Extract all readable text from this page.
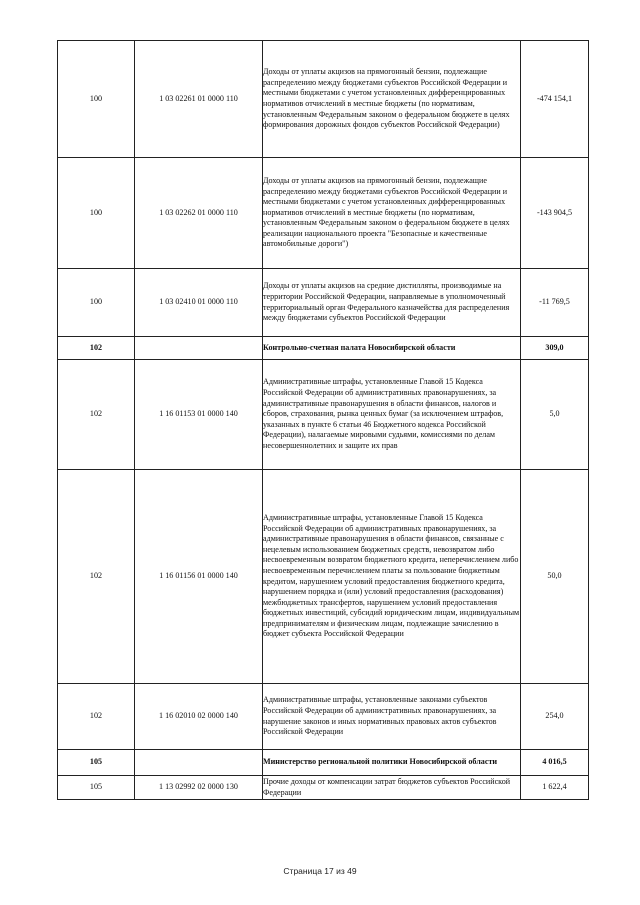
100	1 03 02261 01 0000 110	Доходы от уплаты акцизов на прямогонный бензин, подлежащие распределению между бюджетами субъектов Российской Федерации и местными бюджетами с учетом установленных дифференцированных нормативов отчислений в местные бюджеты (по нормативам, установленным Федеральным законом о федеральном бюджете в целях формирования дорожных фондов субъектов Российской Федерации)	-474 154,1
100	1 03 02262 01 0000 110	Доходы от уплаты акцизов на прямогонный бензин, подлежащие распределению между бюджетами субъектов Российской Федерации и местными бюджетами с учетом установленных дифференцированных нормативов отчислений в местные бюджеты (по нормативам, установленным Федеральным законом о федеральном бюджете в целях реализации национального проекта "Безопасные и качественные автомобильные дороги")	-143 904,5
100	1 03 02410 01 0000 110	Доходы от уплаты акцизов на средние дистилляты, производимые на территории Российской Федерации, направляемые в уполномоченный территориальный орган Федерального казначейства для распределения между бюджетами субъектов Российской Федерации	-11 769,5
102		Контрольно-счетная палата Новосибирской области	309,0
102	1 16 01153 01 0000 140	Административные штрафы, установленные Главой 15 Кодекса Российской Федерации об административных правонарушениях, за административные правонарушения в области финансов, налогов и сборов, страхования, рынка ценных бумаг (за исключением штрафов, указанных в пункте 6 статьи 46 Бюджетного кодекса Российской Федерации), налагаемые мировыми судьями, комиссиями по делам несовершеннолетних и защите их прав	5,0
102	1 16 01156 01 0000 140	Административные штрафы, установленные Главой 15 Кодекса Российской Федерации об административных правонарушениях, за административные правонарушения в области финансов, связанные с нецелевым использованием бюджетных средств, невозвратом либо несвоевременным возвратом бюджетного кредита, неперечислением либо несвоевременным перечислением платы за пользование бюджетным кредитом, нарушением условий предоставления бюджетного кредита, нарушением порядка и (или) условий предоставления (расходования) межбюджетных трансфертов, нарушением условий предоставления бюджетных инвестиций, субсидий юридическим лицам, индивидуальным предпринимателям и физическим лицам, подлежащие зачислению в бюджет субъекта Российской Федерации	50,0
102	1 16 02010 02 0000 140	Административные штрафы, установленные законами субъектов Российской Федерации об административных правонарушениях, за нарушение законов и иных нормативных правовых актов субъектов Российской Федерации	254,0
105		Министерство региональной политики Новосибирской области	4 016,5
105	1 13 02992 02 0000 130	Прочие доходы от компенсации затрат бюджетов субъектов Российской Федерации	1 622,4
Страница 17 из 49
